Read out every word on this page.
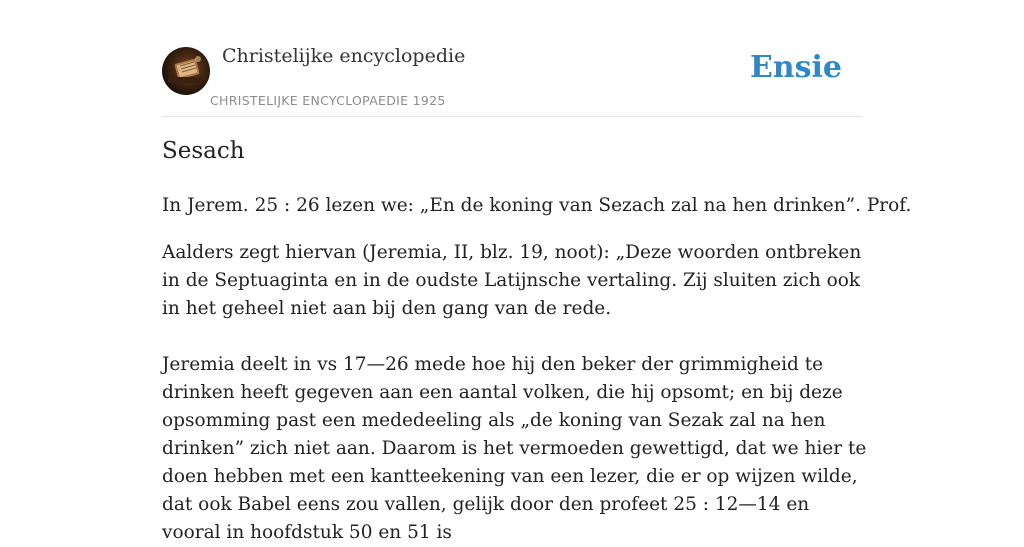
Christelijke encyclopedie
CHRISTELIJKE ENCYCLOPAEDIE 1925
Ensie
Sesach

In Jerem. 25 : 26 lezen we: „En de koning van Sezach zal na hen drinken”. Prof.

Aalders zegt hiervan (Jeremia, II, blz. 19, noot): „Deze woorden ontbreken in de Septuaginta en in de oudste Latijnsche vertaling. Zij sluiten zich ook in het geheel niet aan bij den gang van de rede.

Jeremia deelt in vs 17—26 mede hoe hij den beker der grimmigheid te drinken heeft gegeven aan een aantal volken, die hij opsomt; en bij deze opsomming past een mededeeling als „de koning van Sezak zal na hen drinken” zich niet aan. Daarom is het vermoeden gewettigd, dat we hier te doen hebben met een kantteekening van een lezer, die er op wijzen wilde, dat ook Babel eens zou vallen, gelijk door den profeet 25 : 12—14 en vooral in hoofdstuk 50 en 51 is
